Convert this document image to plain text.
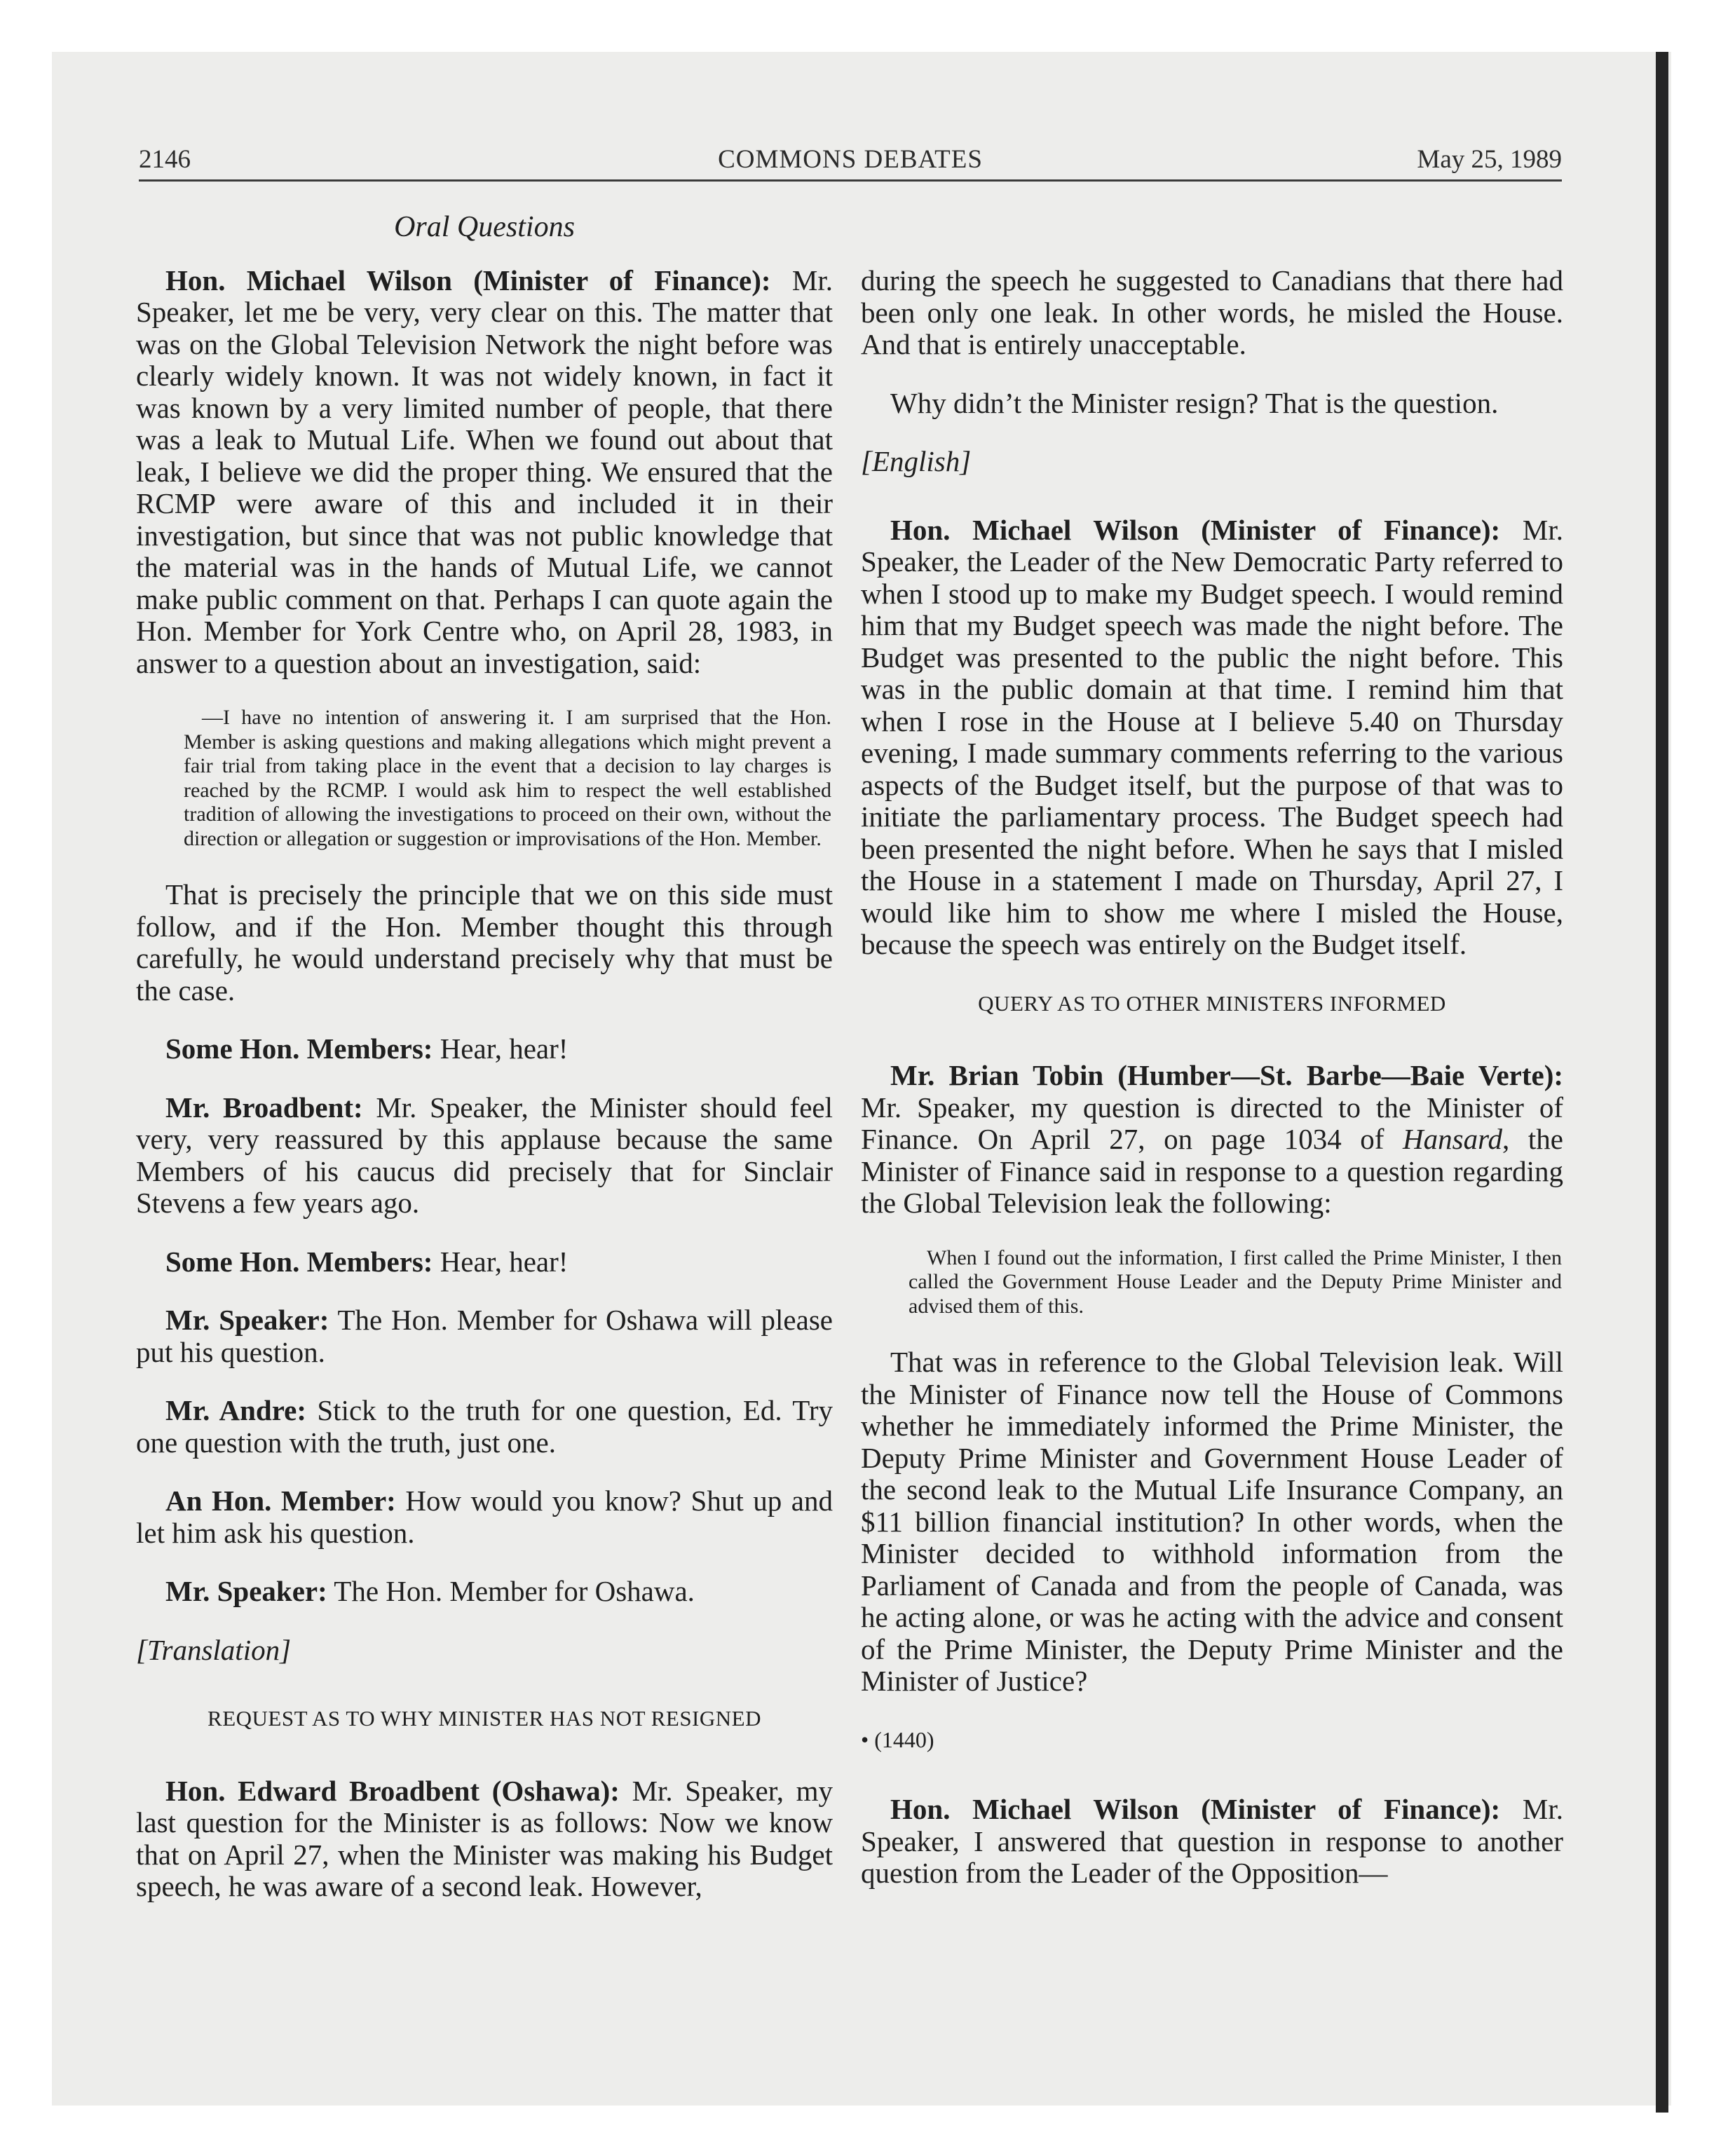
2146	COMMONS DEBATES	May 25, 1989
Oral Questions

Hon. Michael Wilson (Minister of Finance): Mr. Speaker, let me be very, very clear on this. The matter that was on the Global Television Network the night before was clearly widely known. It was not widely known, in fact it was known by a very limited number of people, that there was a leak to Mutual Life. When we found out about that leak, I believe we did the proper thing. We ensured that the RCMP were aware of this and included it in their investigation, but since that was not public knowledge that the material was in the hands of Mutual Life, we cannot make public comment on that. Perhaps I can quote again the Hon. Member for York Centre who, on April 28, 1983, in answer to a question about an investigation, said:

—I have no intention of answering it. I am surprised that the Hon. Member is asking questions and making allegations which might prevent a fair trial from taking place in the event that a decision to lay charges is reached by the RCMP. I would ask him to respect the well established tradition of allowing the investigations to proceed on their own, without the direction or allegation or suggestion or improvisations of the Hon. Member.

That is precisely the principle that we on this side must follow, and if the Hon. Member thought this through carefully, he would understand precisely why that must be the case.

Some Hon. Members: Hear, hear!

Mr. Broadbent: Mr. Speaker, the Minister should feel very, very reassured by this applause because the same Members of his caucus did precisely that for Sinclair Stevens a few years ago.

Some Hon. Members: Hear, hear!

Mr. Speaker: The Hon. Member for Oshawa will please put his question.

Mr. Andre: Stick to the truth for one question, Ed. Try one question with the truth, just one.

An Hon. Member: How would you know? Shut up and let him ask his question.

Mr. Speaker: The Hon. Member for Oshawa.

[Translation]
REQUEST AS TO WHY MINISTER HAS NOT RESIGNED

Hon. Edward Broadbent (Oshawa): Mr. Speaker, my last question for the Minister is as follows: Now we know that on April 27, when the Minister was making his Budget speech, he was aware of a second leak. However,

during the speech he suggested to Canadians that there had been only one leak. In other words, he misled the House. And that is entirely unacceptable.

Why didn’t the Minister resign? That is the question.

[English]

Hon. Michael Wilson (Minister of Finance): Mr. Speaker, the Leader of the New Democratic Party referred to when I stood up to make my Budget speech. I would remind him that my Budget speech was made the night before. The Budget was presented to the public the night before. This was in the public domain at that time. I remind him that when I rose in the House at I believe 5.40 on Thursday evening, I made summary comments referring to the various aspects of the Budget itself, but the purpose of that was to initiate the parliamentary process. The Budget speech had been presented the night before. When he says that I misled the House in a statement I made on Thursday, April 27, I would like him to show me where I misled the House, because the speech was entirely on the Budget itself.

QUERY AS TO OTHER MINISTERS INFORMED

Mr. Brian Tobin (Humber—St. Barbe—Baie Verte): Mr. Speaker, my question is directed to the Minister of Finance. On April 27, on page 1034 of Hansard, the Minister of Finance said in response to a question regarding the Global Television leak the following:

When I found out the information, I first called the Prime Minister, I then called the Government House Leader and the Deputy Prime Minister and advised them of this.

That was in reference to the Global Television leak. Will the Minister of Finance now tell the House of Commons whether he immediately informed the Prime Minister, the Deputy Prime Minister and Government House Leader of the second leak to the Mutual Life Insurance Company, an $11 billion financial institution? In other words, when the Minister decided to withhold information from the Parliament of Canada and from the people of Canada, was he acting alone, or was he acting with the advice and consent of the Prime Minister, the Deputy Prime Minister and the Minister of Justice?

• (1440)

Hon. Michael Wilson (Minister of Finance): Mr. Speaker, I answered that question in response to another question from the Leader of the Opposition—
